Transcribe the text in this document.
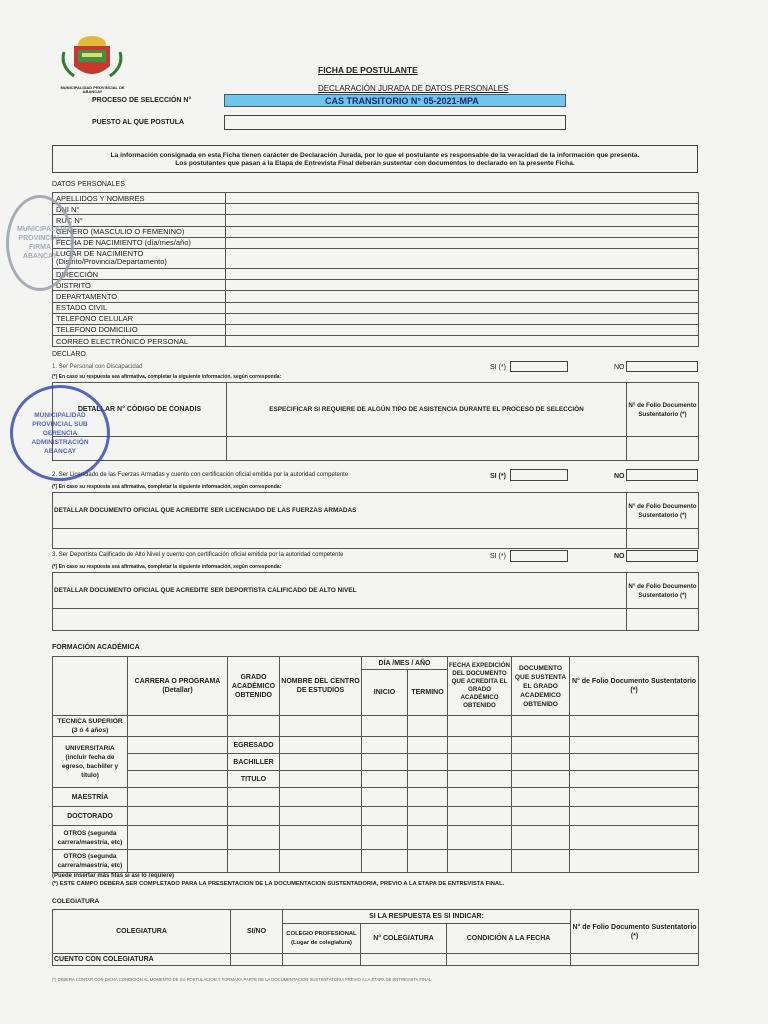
MUNICIPALIDAD PROVINCIAL DE ABANCAY
FICHA DE POSTULANTE
DECLARACIÓN JURADA DE DATOS PERSONALES
PROCESO DE SELECCIÓN N°	CAS TRANSITORIO N° 05-2021-MPA
PUESTO AL QUE POSTULA
La información consignada en esta Ficha tienen carácter de Declaración Jurada, por lo que el postulante es responsable de la veracidad de la información que presenta.
Los postulantes que pasan a la Etapa de Entrevista Final deberán sustentar con documentos lo declarado en la presente Ficha.
DATOS PERSONALES
APELLIDOS Y NOMBRES	
DNI N°	
RUC N°	
GENERO (MASCULIO O FEMENINO)	
FECHA DE NACIMIENTO (día/mes/año)	
LUGAR DE NACIMIENTO
(Distrito/Provincia/Departamento)	
DIRECCIÓN	
DISTRITO	
DEPARTAMENTO	
ESTADO CIVIL	
TELEFONO CELULAR	
TELEFONO DOMICILIO	
CORREO ELECTRÓNICO PERSONAL	
DECLARO
1. Ser Personal con Discapacidad	SI (*)	NO
(*) En caso su respuesta sea afirmativa, completar la siguiente información, según corresponda:
DETALLAR N° CÓDIGO DE CONADIS	ESPECIFICAR SI REQUIERE DE ALGÚN TIPO DE ASISTENCIA DURANTE EL PROCESO DE SELECCIÓN	N° de Folio Documento Sustentatorio (*)

2. Ser Licenciado de las Fuerzas Armadas y cuento con certificación oficial emitida por la autoridad competente	SI (*)	NO
(*) En caso su respuesta sea afirmativa, completar la siguiente información, según corresponda:
DETALLAR DOCUMENTO OFICIAL QUE ACREDITE SER LICENCIADO DE LAS FUERZAS ARMADAS	N° de Folio Documento Sustentatorio (*)

3. Ser Deportista Calificado de Alto Nivel y cuento con certificación oficial emitida por la autoridad competente	SI (*)	NO
(*) En caso su respuesta sea afirmativa, completar la siguiente información, según corresponda:
DETALLAR DOCUMENTO OFICIAL QUE ACREDITE SER DEPORTISTA CALIFICADO DE ALTO NIVEL	N° de Folio Documento Sustentatorio (*)

FORMACIÓN ACADÉMICA
	CARRERA O PROGRAMA (Detallar)	GRADO ACADÉMICO OBTENIDO	NOMBRE DEL CENTRO DE ESTUDIOS	DÍA /MES / AÑO		FECHA EXPEDICIÓN DEL DOCUMENTO QUE ACREDITA EL GRADO ACADÉMICO OBTENIDO	DOCUMENTO QUE SUSTENTA EL GRADO ACADEMICO OBTENIDO	N° de Folio Documento Sustentatorio (*)
				INICIO	TERMINO			
TECNICA SUPERIOR (3 ó 4 años)								
UNIVERSITARIA (incluir fecha de egreso, bachiller y título)		EGRESADO						
		BACHILLER						
		TITULO						
MAESTRÍA								
DOCTORADO								
OTROS (segunda carrera/maestría, etc)								
OTROS (segunda carrera/maestría, etc)								
(Puede insertar más filas si así lo requiere)
(*) ESTE CAMPO DEBERA SER COMPLETADO PARA LA PRESENTACION DE LA DOCUMENTACION SUSTENTADORIA, PREVIO A LA ETAPA DE ENTREVISTA FINAL.
COLEGIATURA
COLEGIATURA	SI/NO	SI LA RESPUESTA ES SI INDICAR:			N° de Folio Documento Sustentatorio (*)
		COLEGIO PROFESIONAL (Lugar de colegiatura)	N° COLEGIATURA	CONDICIÓN A LA FECHA	
CUENTO CON COLEGIATURA					
(*) DEBERA CONTAR CON DICHA CONDICION AL MOMENTO DE SU POSTULACION Y FORMARA PARTE DE LA DOCUMENTACION SUSTENTATORIA PREVIO A LA ETAPA DE ENTREVISTA FINAL.
MUNICIPALIDAD PROVINCIAL FIRMA ABANCAY
MUNICIPALIDAD PROVINCIAL SUB GERENCIA ADMINISTRACIÓN ABANCAY
